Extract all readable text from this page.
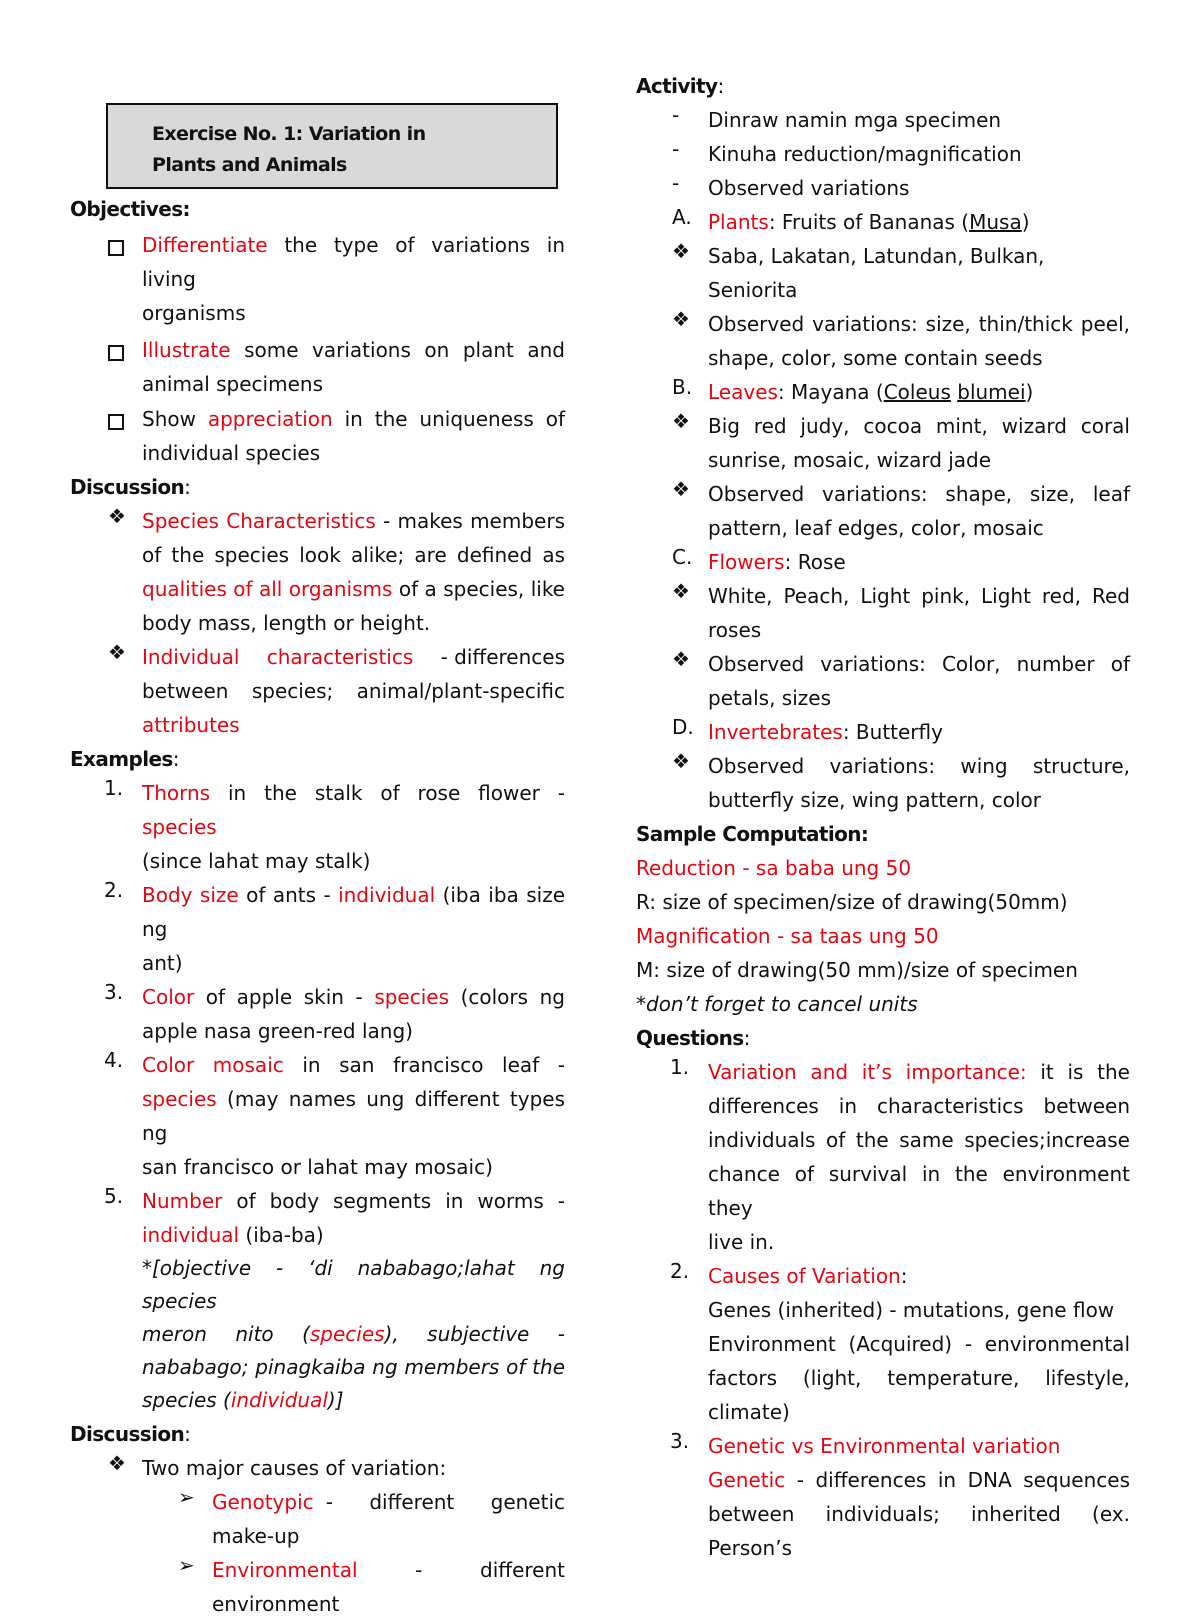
Exercise No. 1: Variation in
Plants and Animals
Objectives:
Differentiate the type of variations in living
organisms
Illustrate some variations on plant and
animal specimens
Show appreciation in the uniqueness of
individual species
Discussion:
❖ Species Characteristics - makes members
of the species look alike; are defined as
qualities of all organisms of a species, like
body mass, length or height.
❖ Individual characteristics - differences
between species; animal/plant-specific
attributes
Examples:
1. Thorns in the stalk of rose flower - species
(since lahat may stalk)
2. Body size of ants - individual (iba iba size ng
ant)
3. Color of apple skin - species (colors ng
apple nasa green-red lang)
4. Color mosaic in san francisco leaf -
species (may names ung different types ng
san francisco or lahat may mosaic)
5. Number of body segments in worms -
individual (iba-ba)
*[objective - ‘di nababago;lahat ng species
meron nito (species), subjective -
nababago; pinagkaiba ng members of the
species (individual)]
Discussion:
❖ Two major causes of variation:
➢ Genotypic - different genetic
make-up
➢ Environmental	-	different
environment
Activity:
- Dinraw namin mga specimen
- Kinuha reduction/magnification
- Observed variations
A. Plants: Fruits of Bananas (Musa)
❖ Saba, Lakatan, Latundan, Bulkan, Seniorita
❖ Observed variations: size, thin/thick peel,
shape, color, some contain seeds
B. Leaves: Mayana (Coleus blumei)
❖ Big red judy, cocoa mint, wizard coral
sunrise, mosaic, wizard jade
❖ Observed variations: shape, size, leaf
pattern, leaf edges, color, mosaic
C. Flowers: Rose
❖ White, Peach, Light pink, Light red, Red
roses
❖ Observed variations: Color, number of
petals, sizes
D. Invertebrates: Butterfly
❖ Observed variations: wing structure,
butterfly size, wing pattern, color
Sample Computation:
Reduction - sa baba ung 50
R: size of specimen/size of drawing(50mm)
Magnification - sa taas ung 50
M: size of drawing(50 mm)/size of specimen
*don’t forget to cancel units
Questions:
1. Variation and it’s importance: it is the
differences in characteristics between
individuals of the same species;increase
chance of survival in the environment they
live in.
2. Causes of Variation:
Genes (inherited) - mutations, gene flow
Environment (Acquired) - environmental
factors (light, temperature, lifestyle,
climate)
3. Genetic vs Environmental variation
Genetic - differences in DNA sequences
between individuals; inherited (ex. Person’s
